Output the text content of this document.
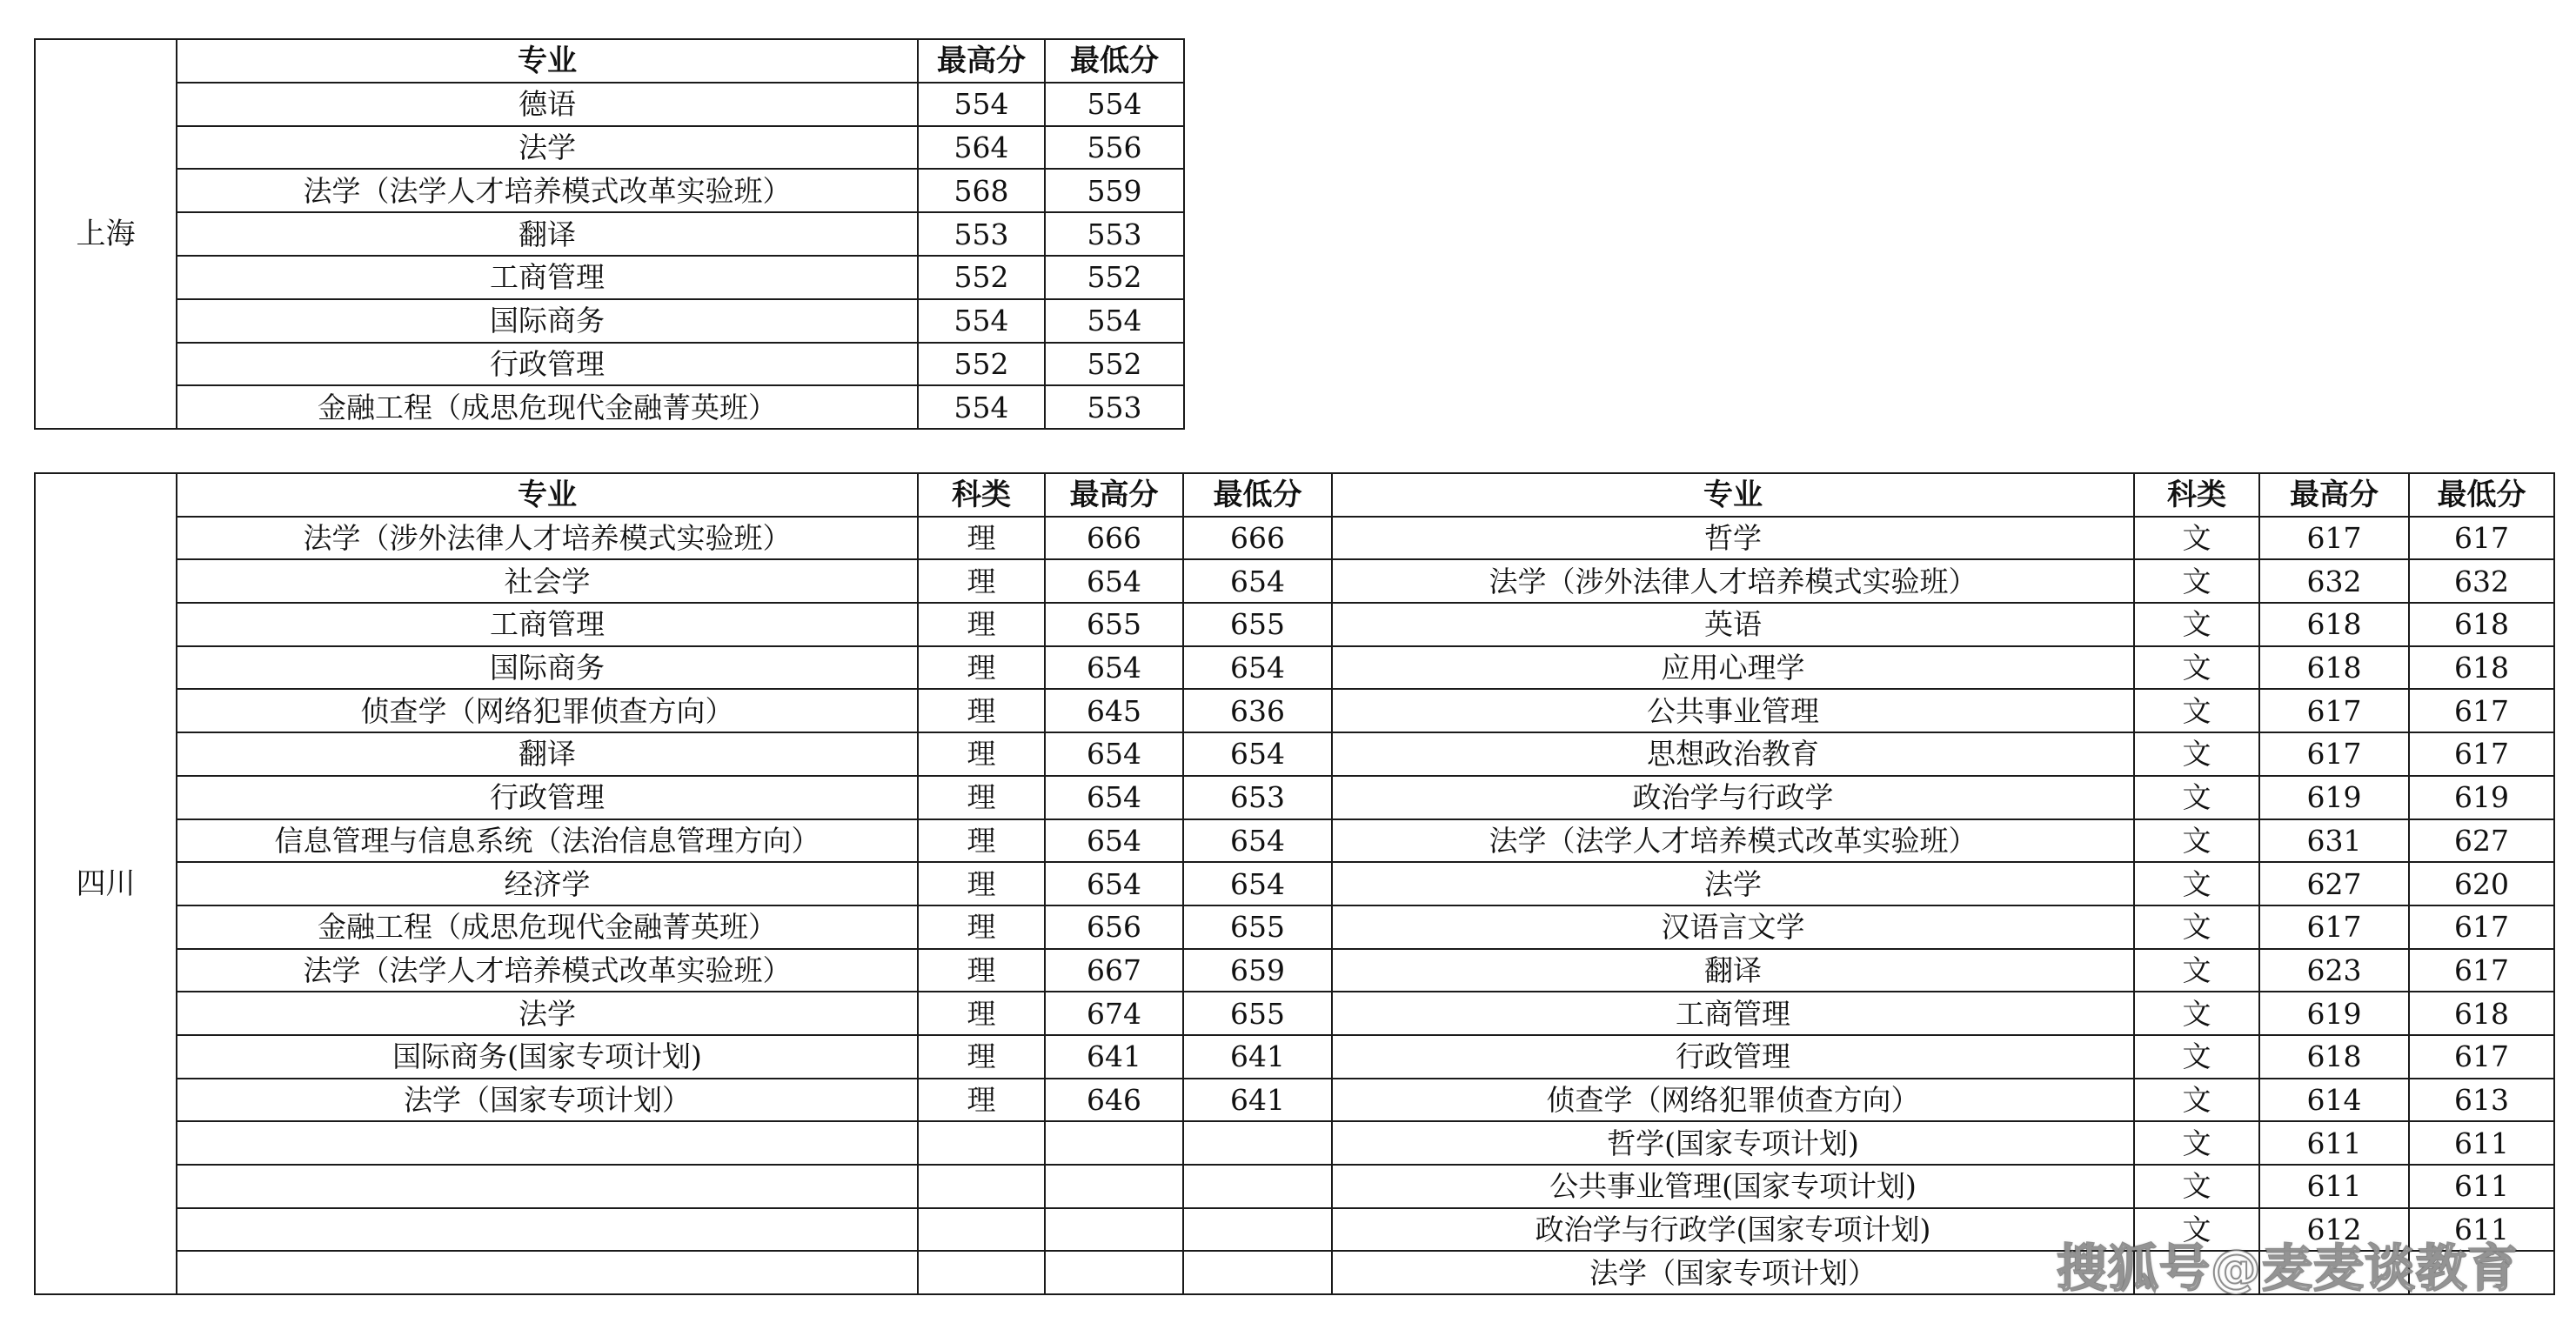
上海	专业	最高分	最低分
	德语	554	554
	法学	564	556
	法学（法学人才培养模式改革实验班）	568	559
	翻译	553	553
	工商管理	552	552
	国际商务	554	554
	行政管理	552	552
	金融工程（成思危现代金融菁英班）	554	553
四川	专业	科类	最高分	最低分	专业	科类	最高分	最低分
	法学（涉外法律人才培养模式实验班）	理	666	666	哲学	文	617	617
	社会学	理	654	654	法学（涉外法律人才培养模式实验班）	文	632	632
	工商管理	理	655	655	英语	文	618	618
	国际商务	理	654	654	应用心理学	文	618	618
	侦查学（网络犯罪侦查方向）	理	645	636	公共事业管理	文	617	617
	翻译	理	654	654	思想政治教育	文	617	617
	行政管理	理	654	653	政治学与行政学	文	619	619
	信息管理与信息系统（法治信息管理方向）	理	654	654	法学（法学人才培养模式改革实验班）	文	631	627
	经济学	理	654	654	法学	文	627	620
	金融工程（成思危现代金融菁英班）	理	656	655	汉语言文学	文	617	617
	法学（法学人才培养模式改革实验班）	理	667	659	翻译	文	623	617
	法学	理	674	655	工商管理	文	619	618
	国际商务(国家专项计划)	理	641	641	行政管理	文	618	617
	法学（国家专项计划）	理	646	641	侦查学（网络犯罪侦查方向）	文	614	613
					哲学(国家专项计划)	文	611	611
					公共事业管理(国家专项计划)	文	611	611
					政治学与行政学(国家专项计划)	文	612	611
					法学（国家专项计划）				搜狐号@麦麦谈教育
